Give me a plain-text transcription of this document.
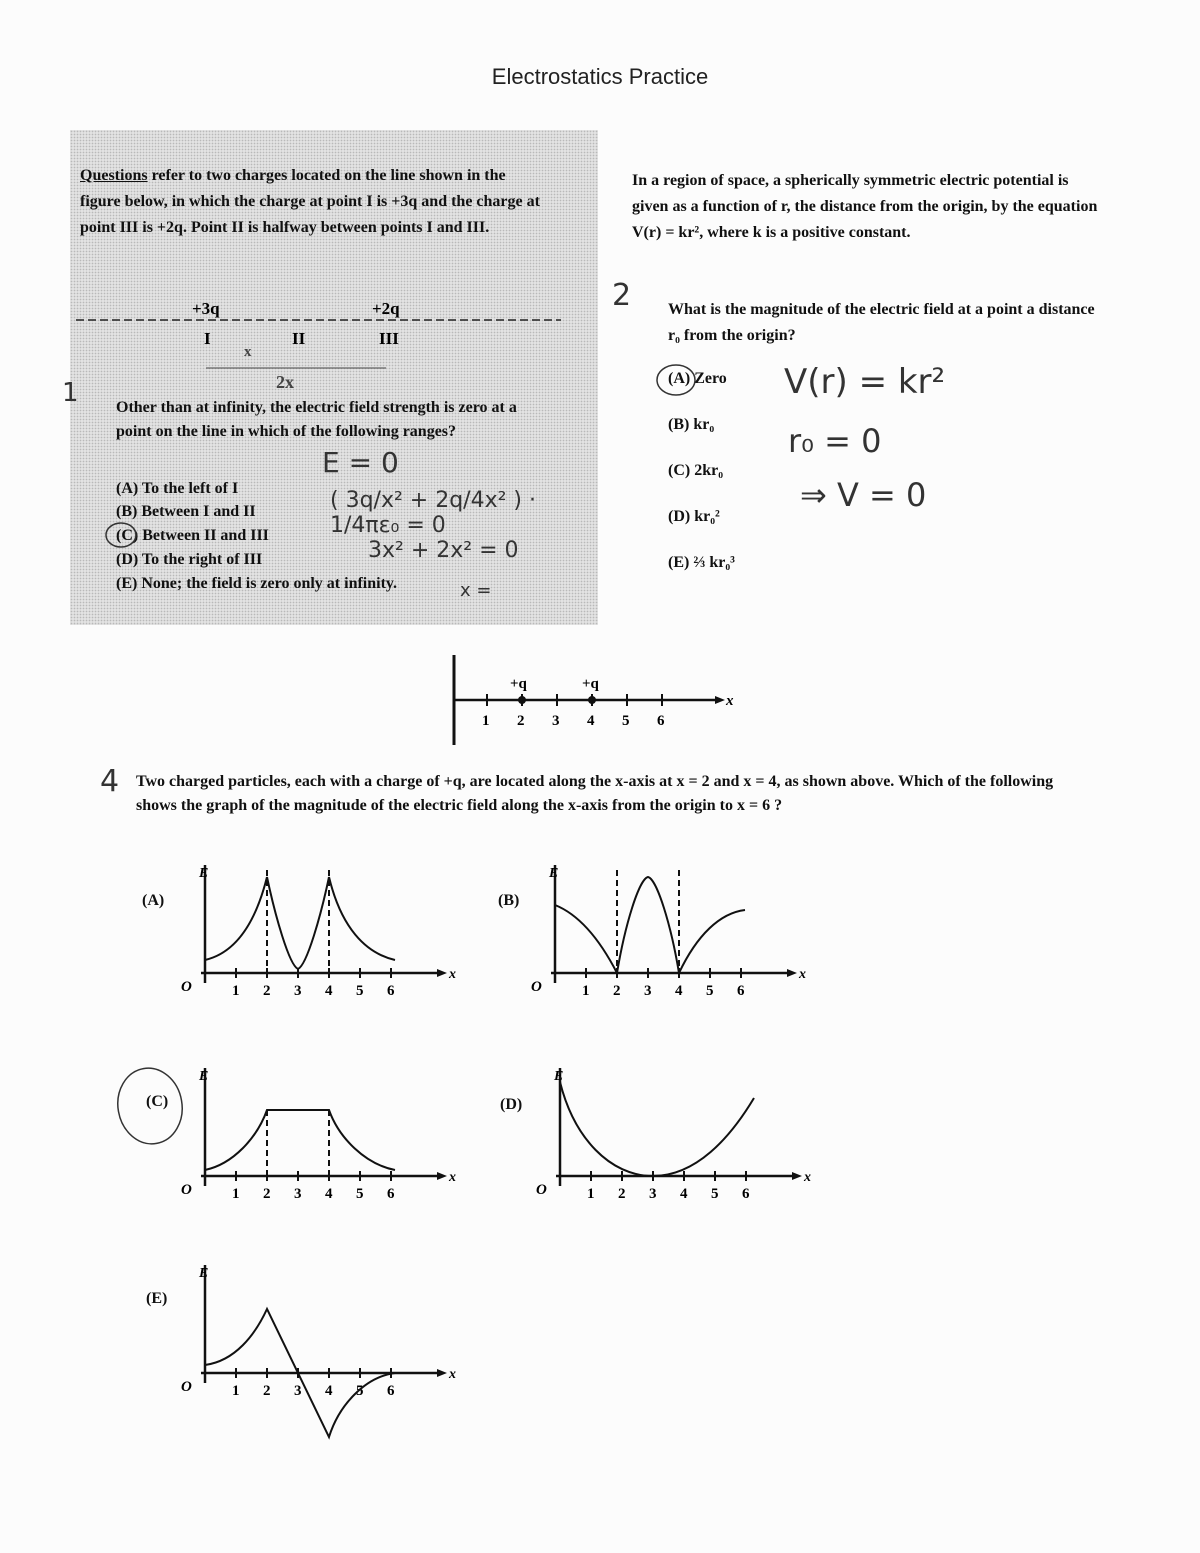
Electrostatics Practice
Questions refer to two charges located on the line shown in the figure below, in which the charge at point I is +3q and the charge at point III is +2q. Point II is halfway between points I and III.
+3q	+2q
I	II	III
x
2x
1 Other than at infinity, the electric field strength is zero at a point on the line in which of the following ranges?
(A) To the left of I
(B) Between I and II
(C) Between II and III
(D) To the right of III
(E) None; the field is zero only at infinity.
E = 0
( 3q/x² + 2q/4x² ) · 1/4πε₀ = 0
3x² + 2x² = 0
x =
In a region of space, a spherically symmetric electric potential is given as a function of r, the distance from the origin, by the equation V(r) = kr², where k is a positive constant.
2 What is the magnitude of the electric field at a point a distance r₀ from the origin?
(A) Zero
(B) kr₀
(C) 2kr₀
(D) kr₀²
(E) ⅔ kr₀³
V(r) = kr²
r₀ = 0
⇒ V = 0
x
+q	+q
1 2 3 4 5 6
4 Two charged particles, each with a charge of +q, are located along the x-axis at x = 2 and x = 4, as shown above. Which of the following shows the graph of the magnitude of the electric field along the x-axis from the origin to x = 6 ?
(A)	(B)
(C)	(D)
(E)
E
x
O	1 2 3 4 5 6
E
x
O	1 2 3 4 5 6
E
x
O	1 2 3 4 5 6
E
x
O	1 2 3 4 5 6
E
x
O	1 2 3 4 5 6
